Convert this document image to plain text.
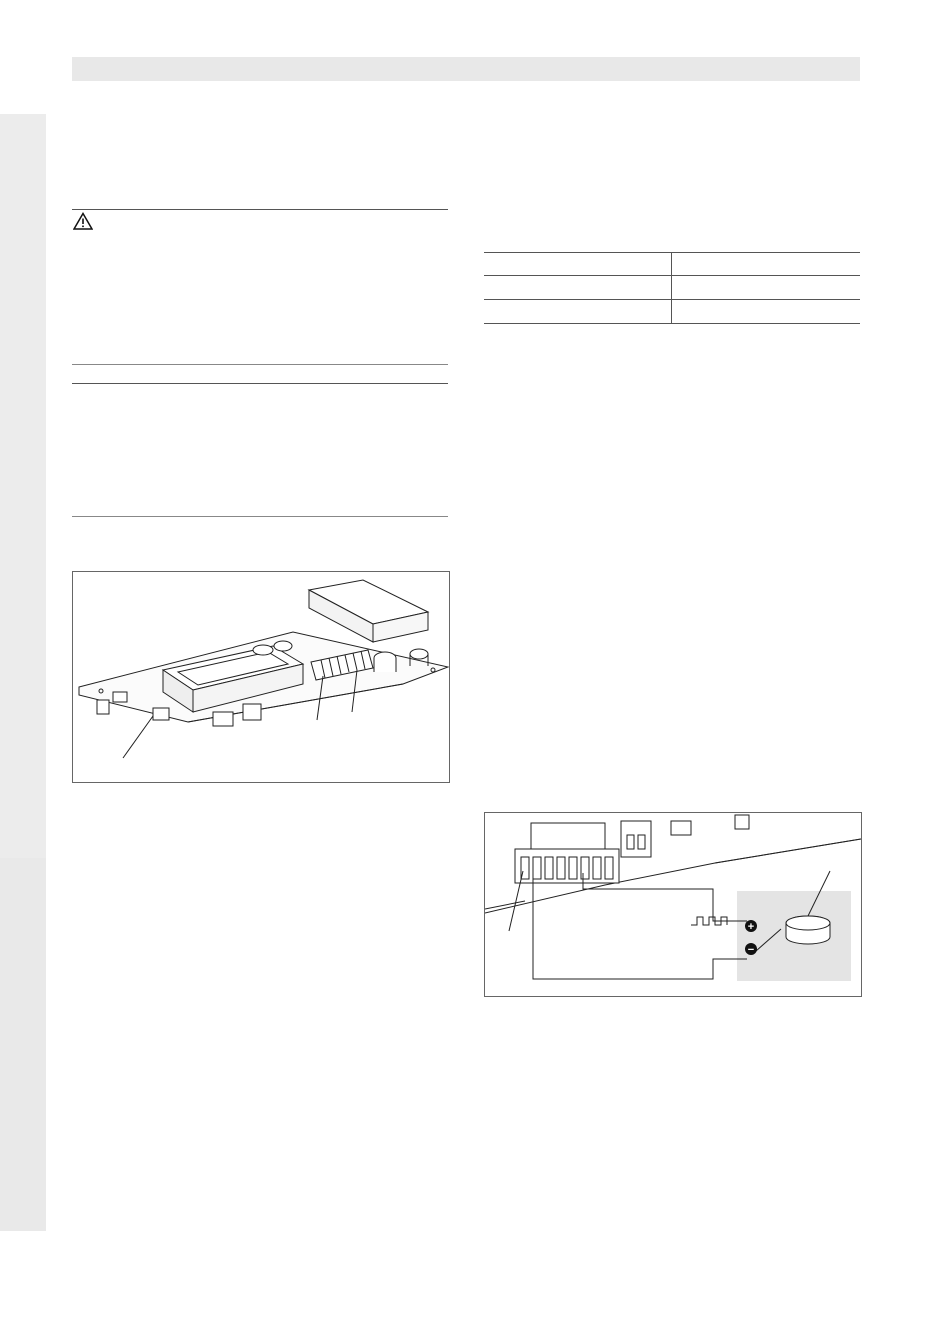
+
−
